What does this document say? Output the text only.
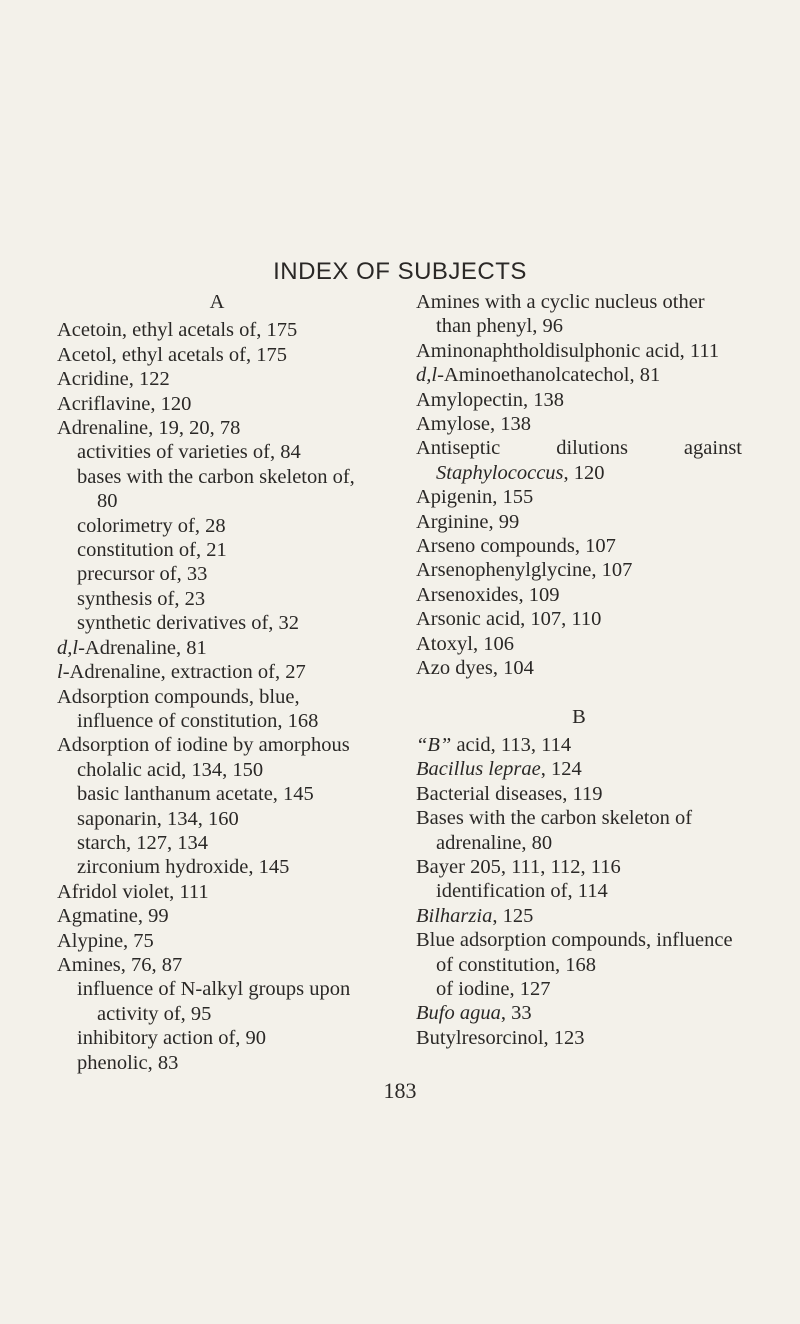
INDEX OF SUBJECTS
A
Acetoin, ethyl acetals of, 175
Acetol, ethyl acetals of, 175
Acridine, 122
Acriflavine, 120
Adrenaline, 19, 20, 78
activities of varieties of, 84
bases with the carbon skeleton of, 80
colorimetry of, 28
constitution of, 21
precursor of, 33
synthesis of, 23
synthetic derivatives of, 32
d,l-Adrenaline, 81
l-Adrenaline, extraction of, 27
Adsorption compounds, blue, influence of constitution, 168
Adsorption of iodine by amorphous cholalic acid, 134, 150
basic lanthanum acetate, 145
saponarin, 134, 160
starch, 127, 134
zirconium hydroxide, 145
Afridol violet, 111
Agmatine, 99
Alypine, 75
Amines, 76, 87
influence of N-alkyl groups upon activity of, 95
inhibitory action of, 90
phenolic, 83
Amines with a cyclic nucleus other than phenyl, 96
Aminonaphtholdisulphonic acid, 111
d,l-Aminoethanolcatechol, 81
Amylopectin, 138
Amylose, 138
Antiseptic dilutions against
Staphylococcus, 120
Apigenin, 155
Arginine, 99
Arseno compounds, 107
Arsenophenylglycine, 107
Arsenoxides, 109
Arsonic acid, 107, 110
Atoxyl, 106
Azo dyes, 104
B
“B” acid, 113, 114
Bacillus leprae, 124
Bacterial diseases, 119
Bases with the carbon skeleton of adrenaline, 80
Bayer 205, 111, 112, 116
identification of, 114
Bilharzia, 125
Blue adsorption compounds, influence of constitution, 168
of iodine, 127
Bufo agua, 33
Butylresorcinol, 123
183
